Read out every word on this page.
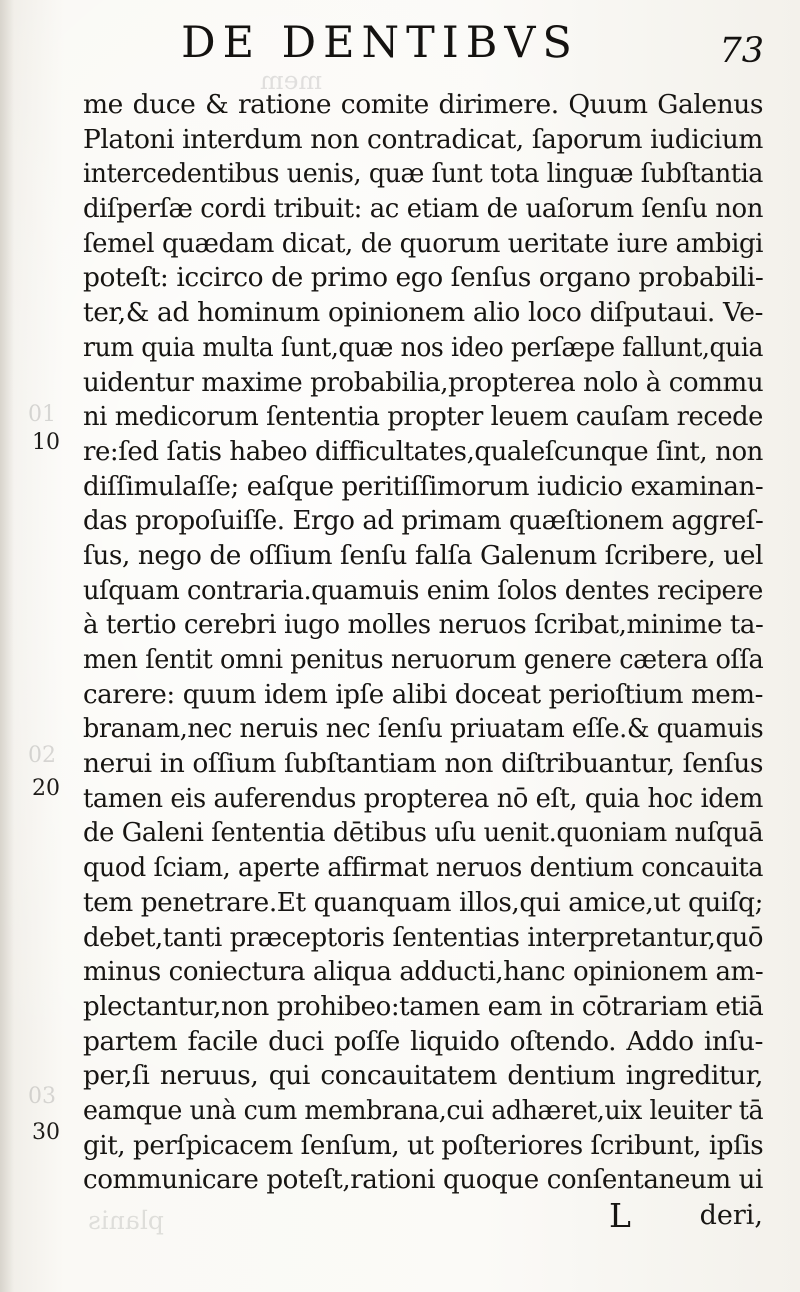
planis
mem
DE DENTIBVS	73
01
02
03
10
20
30
me duce & ratione comite dirimere. Quum Galenus
Platoni interdum non contradicat, ſaporum iudicium
intercedentibus uenis, quæ ſunt tota linguæ ſubſtantia
diſperſæ cordi tribuit: ac etiam de uaſorum ſenſu non
ſemel quædam dicat, de quorum ueritate iure ambigi
poteſt: iccirco de primo ego ſenſus organo probabili-
ter,& ad hominum opinionem alio loco diſputaui. Ve-
rum quia multa ſunt,quæ nos ideo perſæpe fallunt,quia
uidentur maxime probabilia,propterea nolo à commu
ni medicorum ſententia propter leuem cauſam recede
re:ſed ſatis habeo difficultates,qualeſcunque ſint, non
diſſimulaſſe; eaſque peritiſſimorum iudicio examinan-
das propoſuiſſe. Ergo ad primam quæſtionem aggreſ-
ſus, nego de oſſium ſenſu falſa Galenum ſcribere, uel
uſquam contraria.quamuis enim ſolos dentes recipere
à tertio cerebri iugo molles neruos ſcribat,minime ta-
men ſentit omni penitus neruorum genere cætera oſſa
carere: quum idem ipſe alibi doceat perioſtium mem-
branam,nec neruis nec ſenſu priuatam eſſe.& quamuis
nerui in oſſium ſubſtantiam non diſtribuantur, ſenſus
tamen eis auferendus propterea nō eſt, quia hoc idem
de Galeni ſententia dētibus uſu uenit.quoniam nuſquā
quod ſciam, aperte affirmat neruos dentium concauita
tem penetrare.Et quanquam illos,qui amice,ut quiſq;
debet,tanti præceptoris ſententias interpretantur,quō
minus coniectura aliqua adducti,hanc opinionem am-
plectantur,non prohibeo:tamen eam in cōtrariam etiā
partem facile duci poſſe liquido oſtendo. Addo inſu-
per,ſi neruus, qui concauitatem dentium ingreditur,
eamque unà cum membrana,cui adhæret,uix leuiter tā
git, perſpicacem ſenſum, ut poſteriores ſcribunt, ipſis
communicare poteſt,rationi quoque conſentaneum ui
L	deri,
